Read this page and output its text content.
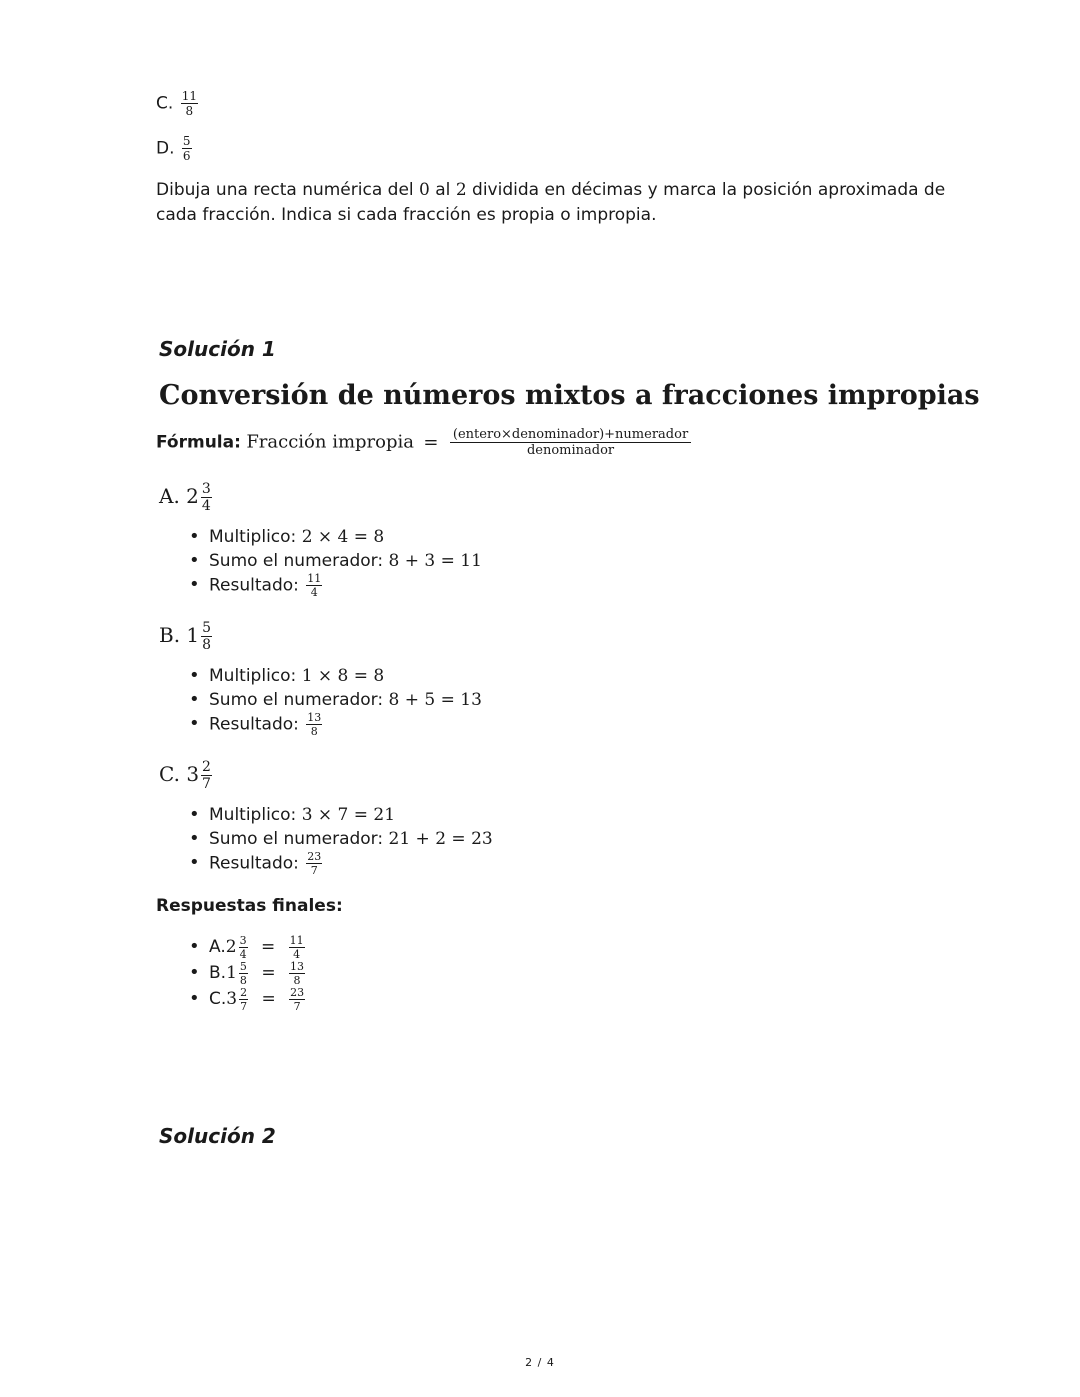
C. $\frac{11}{8}$
D. $\frac{5}{6}$
Dibuja una recta numérica del 0 al 2 dividida en décimas y marca la posición aproximada de cada fracción. Indica si cada fracción es propia o impropia.
Solución 1
Conversión de números mixtos a fracciones impropias
Fórmula: Fracción impropia = $\frac{\text{(entero×denominador)+numerador}}{\text{denominador}}$
A. $2 \frac{3}{4}$
• Multiplico: 2 × 4 = 8
• Sumo el numerador: 8 + 3 = 11
• Resultado: $\frac{11}{4}$
B. $1 \frac{5}{8}$
• Multiplico: 1 × 8 = 8
• Sumo el numerador: 8 + 5 = 13
• Resultado: $\frac{13}{8}$
C. $3 \frac{2}{7}$
• Multiplico: 3 × 7 = 21
• Sumo el numerador: 21 + 2 = 23
• Resultado: $\frac{23}{7}$
Respuestas finales:
• $A.2 \frac{3}{4} = \frac{11}{4}$
• $B.1 \frac{5}{8} = \frac{13}{8}$
• $C.3 \frac{2}{7} = \frac{23}{7}$
Solución 2
2 / 4
